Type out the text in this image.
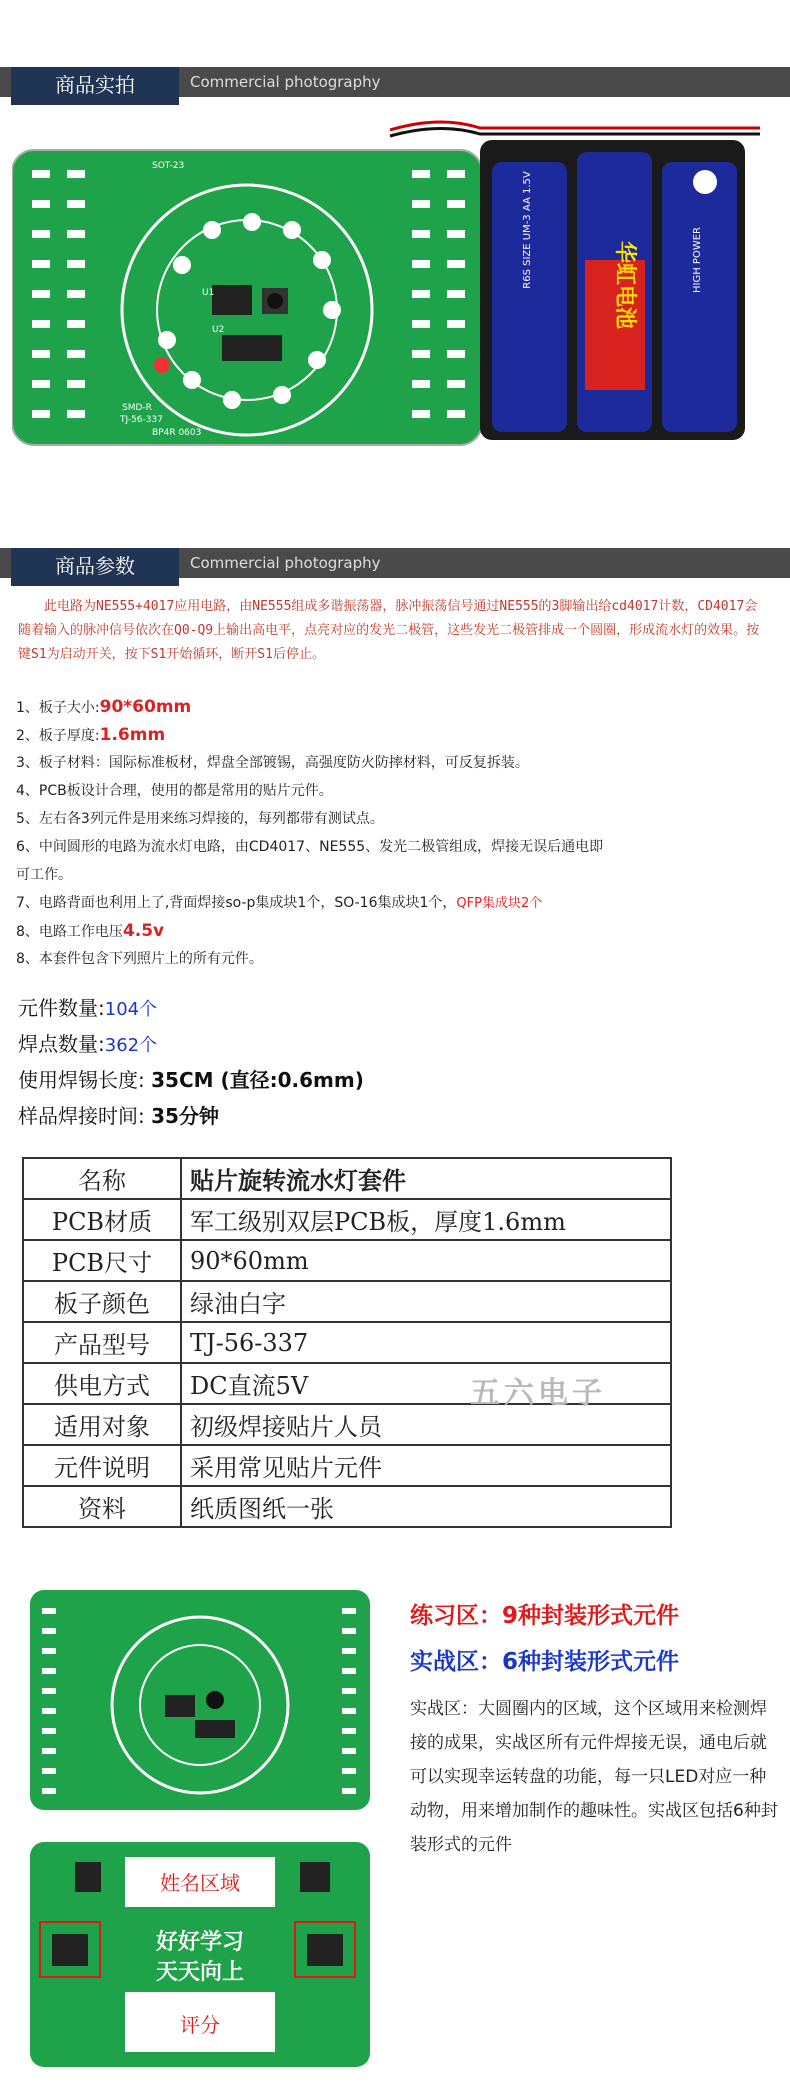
商品实拍	Commercial photography
SOT-23
SMD-R
TJ-56-337
BP4R 0603
U1
U2
华虹电池
R6S SIZE UM-3 AA 1.5V	HIGH POWER
商品参数	Commercial photography
此电路为NE555+4017应用电路，由NE555组成多谐振荡器，脉冲振荡信号通过NE555的3脚输出给cd4017计数，CD4017会随着输入的脉冲信号依次在Q0-Q9上输出高电平，点亮对应的发光二极管，这些发光二极管排成一个圆圈，形成流水灯的效果。按键S1为启动开关，按下S1开始循环，断开S1后停止。
1、板子大小:90*60mm
2、板子厚度:1.6mm
3、板子材料：国际标准板材，焊盘全部镀锡，高强度防火防摔材料，可反复拆装。
4、PCB板设计合理，使用的都是常用的贴片元件。
5、左右各3列元件是用来练习焊接的，每列都带有测试点。
6、中间圆形的电路为流水灯电路，由CD4017、NE555、发光二极管组成，焊接无误后通电即
可工作。
7、电路背面也利用上了,背面焊接so-p集成块1个，SO-16集成块1个，QFP集成块2个
8、电路工作电压4.5v
8、本套件包含下列照片上的所有元件。
元件数量:104个
焊点数量:362个
使用焊锡长度: 35CM (直径:0.6mm)
样品焊接时间: 35分钟
名称	贴片旋转流水灯套件
PCB材质	军工级别双层PCB板，厚度1.6mm
PCB尺寸	90*60mm
板子颜色	绿油白字
产品型号	TJ-56-337
供电方式	DC直流5V
适用对象	初级焊接贴片人员
元件说明	采用常见贴片元件
资料	纸质图纸一张
五六电子
姓名区域
好好学习
天天向上
评分
练习区：9种封装形式元件
实战区：6种封装形式元件
实战区：大圆圈内的区域，这个区域用来检测焊接的成果，实战区所有元件焊接无误，通电后就可以实现幸运转盘的功能，每一只LED对应一种动物，用来增加制作的趣味性。实战区包括6种封装形式的元件
